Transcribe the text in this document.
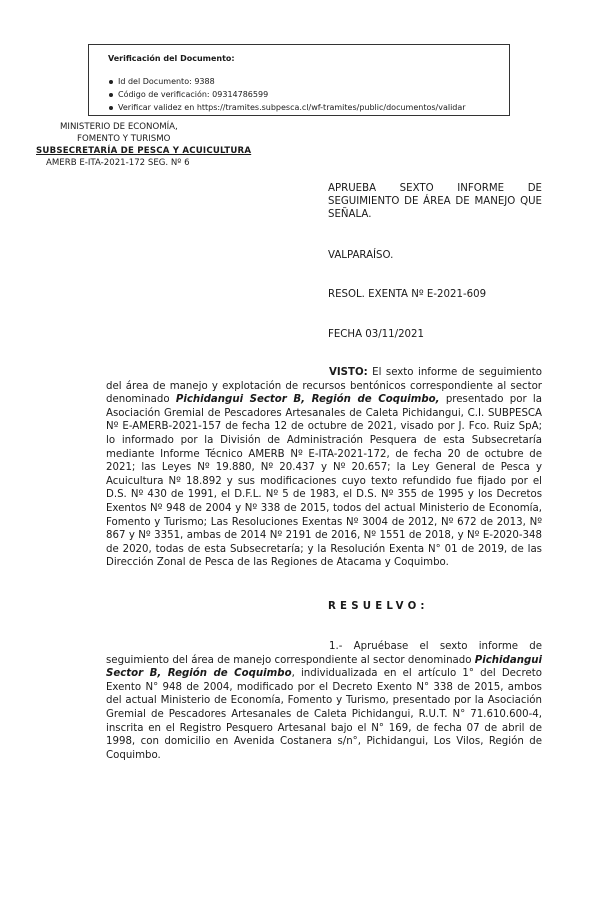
Verificación del Documento:

Id del Documento: 9388
Código de verificación: 09314786599
Verificar validez en https://tramites.subpesca.cl/wf-tramites/public/documentos/validar
MINISTERIO DE ECONOMÍA,
FOMENTO Y TURISMO
SUBSECRETARÍA DE PESCA Y ACUICULTURA
AMERB E-ITA-2021-172 SEG. Nº 6
APRUEBA SEXTO INFORME DE SEGUIMIENTO DE ÁREA DE MANEJO QUE SEÑALA.
VALPARAÍSO.
RESOL. EXENTA Nº E-2021-609
FECHA 03/11/2021

VISTO: El sexto informe de seguimiento del área de manejo y explotación de recursos bentónicos correspondiente al sector denominado Pichidangui Sector B, Región de Coquimbo, presentado por la Asociación Gremial de Pescadores Artesanales de Caleta Pichidangui, C.I. SUBPESCA Nº E-AMERB-2021-157 de fecha 12 de octubre de 2021, visado por J. Fco. Ruiz SpA; lo informado por la División de Administración Pesquera de esta Subsecretaría mediante Informe Técnico AMERB Nº E-ITA-2021-172, de fecha 20 de octubre de 2021; las Leyes Nº 19.880, Nº 20.437 y Nº 20.657; la Ley General de Pesca y Acuicultura Nº 18.892 y sus modificaciones cuyo texto refundido fue fijado por el D.S. Nº 430 de 1991, el D.F.L. Nº 5 de 1983, el D.S. Nº 355 de 1995 y los Decretos Exentos Nº 948 de 2004 y Nº 338 de 2015, todos del actual Ministerio de Economía, Fomento y Turismo; Las Resoluciones Exentas Nº 3004 de 2012, Nº 672 de 2013, Nº 867 y Nº 3351, ambas de 2014 Nº 2191 de 2016, Nº 1551 de 2018, y Nº E-2020-348 de 2020, todas de esta Subsecretaría; y la Resolución Exenta N° 01 de 2019, de las Dirección Zonal de Pesca de las Regiones de Atacama y Coquimbo.

RESUELVO:

1.- Apruébase el sexto informe de seguimiento del área de manejo correspondiente al sector denominado Pichidangui Sector B, Región de Coquimbo, individualizada en el artículo 1° del Decreto Exento N° 948 de 2004, modificado por el Decreto Exento N° 338 de 2015, ambos del actual Ministerio de Economía, Fomento y Turismo, presentado por la Asociación Gremial de Pescadores Artesanales de Caleta Pichidangui, R.U.T. N° 71.610.600-4, inscrita en el Registro Pesquero Artesanal bajo el N° 169, de fecha 07 de abril de 1998, con domicilio en Avenida Costanera s/n°, Pichidangui, Los Vilos, Región de Coquimbo.
